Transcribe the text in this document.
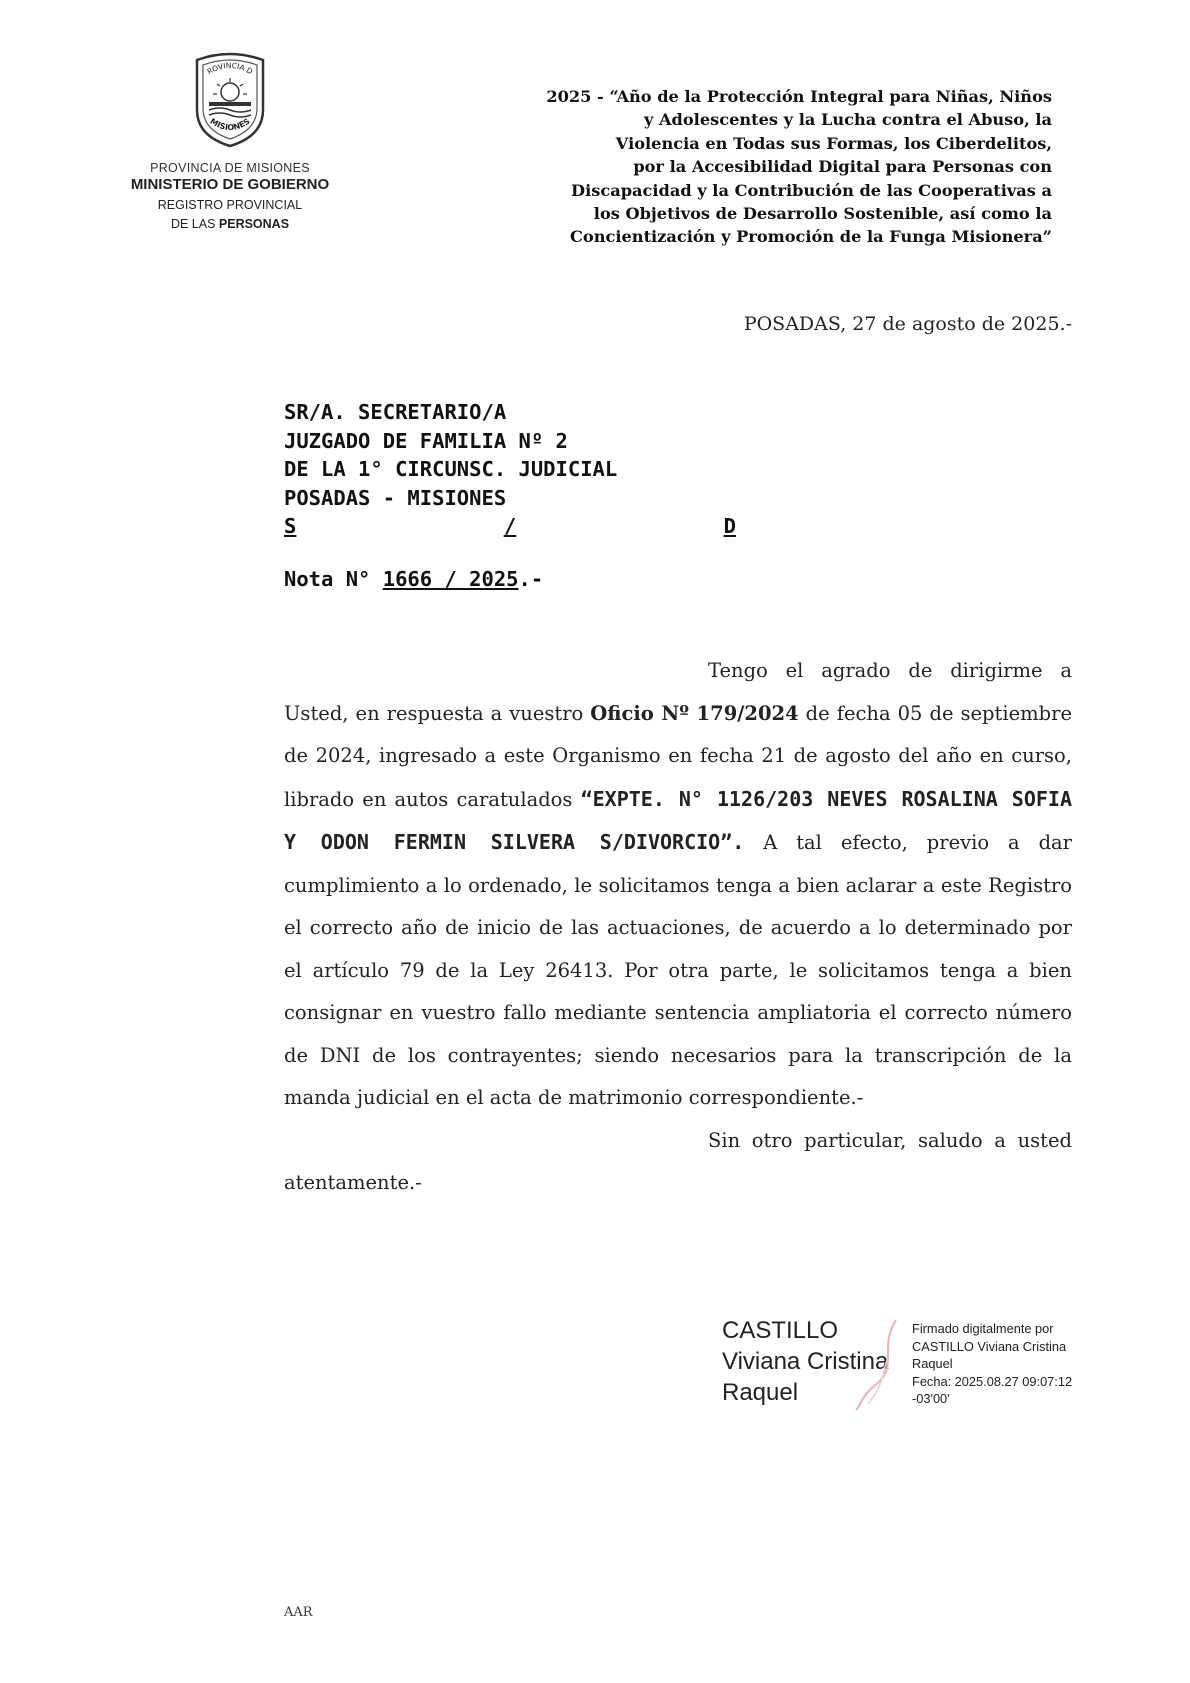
ROVINCIA D
MISIONES
PROVINCIA DE MISIONES
MINISTERIO DE GOBIERNO
REGISTRO PROVINCIAL
DE LAS PERSONAS
2025 - “Año de la Protección Integral para Niñas, Niños
y Adolescentes y la Lucha contra el Abuso, la
Violencia en Todas sus Formas, los Ciberdelitos,
por la Accesibilidad Digital para Personas con
Discapacidad y la Contribución de las Cooperativas a
los Objetivos de Desarrollo Sostenible, así como la
Concientización y Promoción de la Funga Misionera”
POSADAS, 27 de agosto de 2025.-
SR/A. SECRETARIO/A
JUZGADO DE FAMILIA Nº 2
DE LA 1° CIRCUNSC. JUDICIAL
POSADAS - MISIONES
S	/	D
Nota N° 1666 / 2025.-

Tengo el agrado de dirigirme a Usted, en respuesta a vuestro Oficio Nº 179/2024 de fecha 05 de septiembre de 2024, ingresado a este Organismo en fecha 21 de agosto del año en curso, librado en autos caratulados “EXPTE. N° 1126/203 NEVES ROSALINA SOFIA Y ODON FERMIN SILVERA S/DIVORCIO”. A tal efecto, previo a dar cumplimiento a lo ordenado, le solicitamos tenga a bien aclarar a este Registro el correcto año de inicio de las actuaciones, de acuerdo a lo determinado por el artículo 79 de la Ley 26413. Por otra parte, le solicitamos tenga a bien consignar en vuestro fallo mediante sentencia ampliatoria el correcto número de DNI de los contrayentes; siendo necesarios para la transcripción de la manda judicial en el acta de matrimonio correspondiente.-

Sin otro particular, saludo a usted atentamente.-

CASTILLO
Viviana Cristina
Raquel
Firmado digitalmente por
CASTILLO Viviana Cristina
Raquel
Fecha: 2025.08.27 09:07:12
-03'00'
AAR
